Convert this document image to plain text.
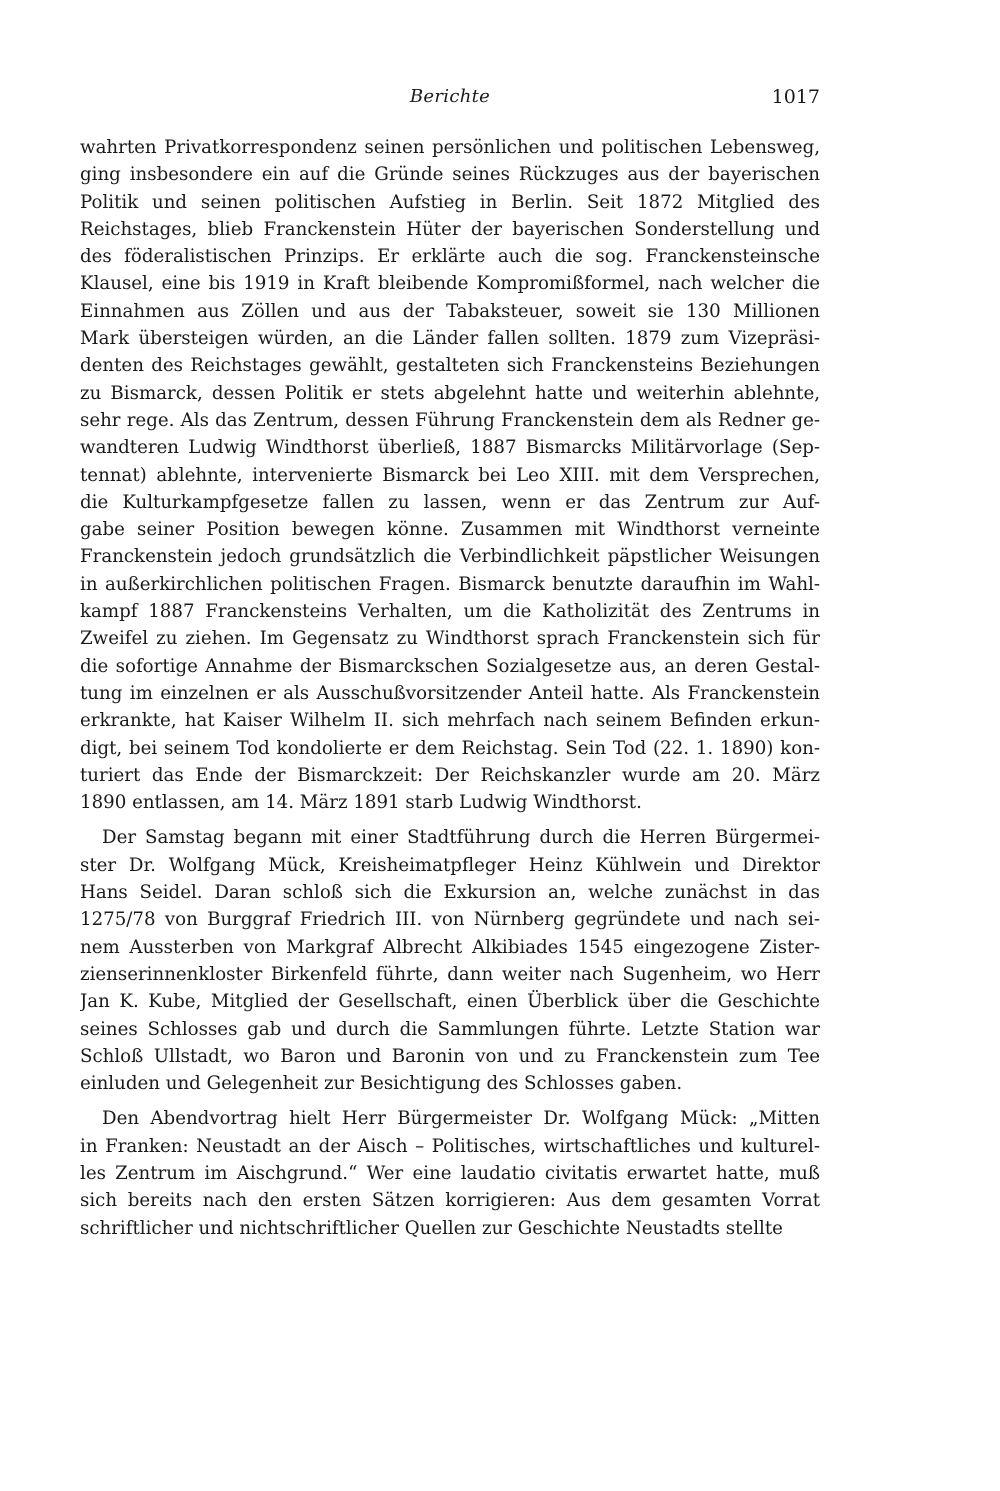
Berichte	1017
wahrten Privatkorrespondenz seinen persönlichen und politischen Lebensweg,
ging insbesondere ein auf die Gründe seines Rückzuges aus der bayerischen
Politik und seinen politischen Aufstieg in Berlin. Seit 1872 Mitglied des
Reichstages, blieb Franckenstein Hüter der bayerischen Sonderstellung und
des föderalistischen Prinzips. Er erklärte auch die sog. Franckensteinsche
Klausel, eine bis 1919 in Kraft bleibende Kompromißformel, nach welcher die
Einnahmen aus Zöllen und aus der Tabaksteuer, soweit sie 130 Millionen
Mark übersteigen würden, an die Länder fallen sollten. 1879 zum Vizepräsi-
denten des Reichstages gewählt, gestalteten sich Franckensteins Beziehungen
zu Bismarck, dessen Politik er stets abgelehnt hatte und weiterhin ablehnte,
sehr rege. Als das Zentrum, dessen Führung Franckenstein dem als Redner ge-
wandteren Ludwig Windthorst überließ, 1887 Bismarcks Militärvorlage (Sep-
tennat) ablehnte, intervenierte Bismarck bei Leo XIII. mit dem Versprechen,
die Kulturkampfgesetze fallen zu lassen, wenn er das Zentrum zur Auf-
gabe seiner Position bewegen könne. Zusammen mit Windthorst verneinte
Franckenstein jedoch grundsätzlich die Verbindlichkeit päpstlicher Weisungen
in außerkirchlichen politischen Fragen. Bismarck benutzte daraufhin im Wahl-
kampf 1887 Franckensteins Verhalten, um die Katholizität des Zentrums in
Zweifel zu ziehen. Im Gegensatz zu Windthorst sprach Franckenstein sich für
die sofortige Annahme der Bismarckschen Sozialgesetze aus, an deren Gestal-
tung im einzelnen er als Ausschußvorsitzender Anteil hatte. Als Franckenstein
erkrankte, hat Kaiser Wilhelm II. sich mehrfach nach seinem Befinden erkun-
digt, bei seinem Tod kondolierte er dem Reichstag. Sein Tod (22. 1. 1890) kon-
turiert das Ende der Bismarckzeit: Der Reichskanzler wurde am 20. März
1890 entlassen, am 14. März 1891 starb Ludwig Windthorst.
Der Samstag begann mit einer Stadtführung durch die Herren Bürgermei-
ster Dr. Wolfgang Mück, Kreisheimatpfleger Heinz Kühlwein und Direktor
Hans Seidel. Daran schloß sich die Exkursion an, welche zunächst in das
1275/78 von Burggraf Friedrich III. von Nürnberg gegründete und nach sei-
nem Aussterben von Markgraf Albrecht Alkibiades 1545 eingezogene Zister-
zienserinnenkloster Birkenfeld führte, dann weiter nach Sugenheim, wo Herr
Jan K. Kube, Mitglied der Gesellschaft, einen Überblick über die Geschichte
seines Schlosses gab und durch die Sammlungen führte. Letzte Station war
Schloß Ullstadt, wo Baron und Baronin von und zu Franckenstein zum Tee
einluden und Gelegenheit zur Besichtigung des Schlosses gaben.
Den Abendvortrag hielt Herr Bürgermeister Dr. Wolfgang Mück: „Mitten
in Franken: Neustadt an der Aisch – Politisches, wirtschaftliches und kulturel-
les Zentrum im Aischgrund.“ Wer eine laudatio civitatis erwartet hatte, muß
sich bereits nach den ersten Sätzen korrigieren: Aus dem gesamten Vorrat
schriftlicher und nichtschriftlicher Quellen zur Geschichte Neustadts stellte
